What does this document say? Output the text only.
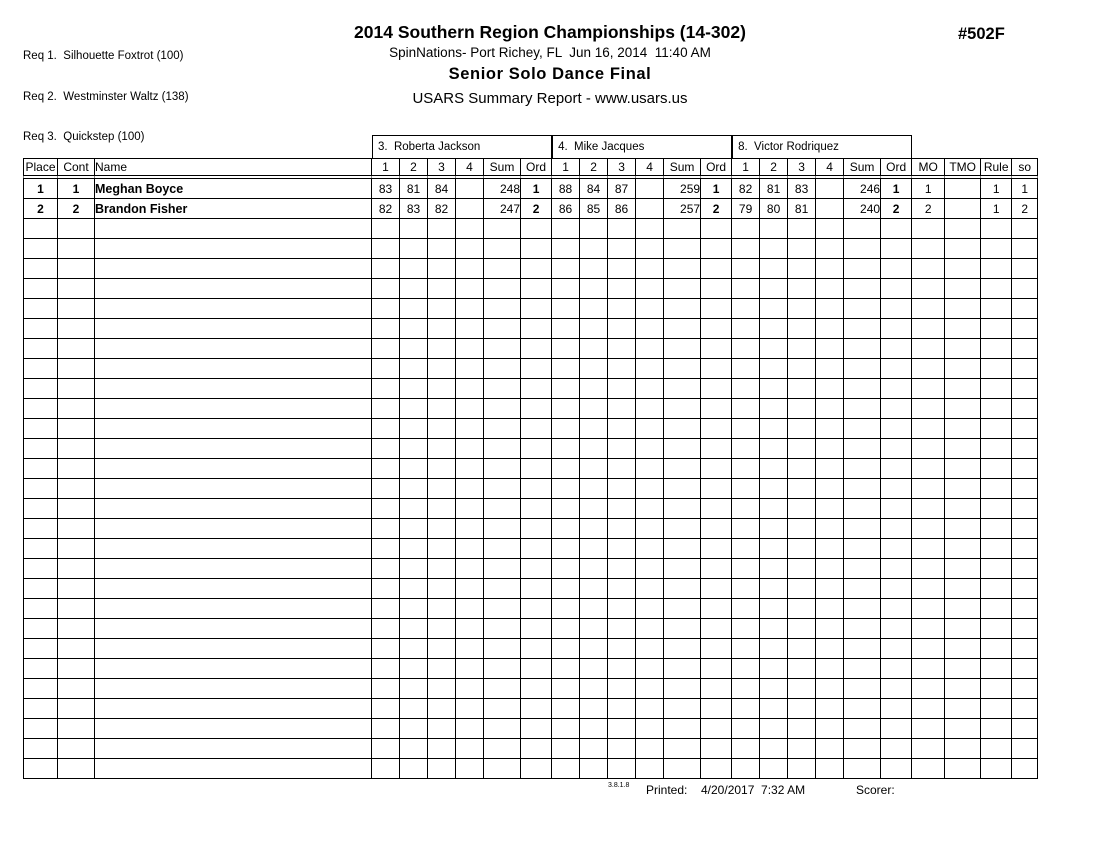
Req 1.  Silhouette Foxtrot (100)

Req 2.  Westminster Waltz (138)

Req 3.  Quickstep (100)

2014 Southern Region Championships (14-302)
SpinNations- Port Richey, FL  Jun 16, 2014  11:40 AM
Senior Solo Dance Final
USARS Summary Report - www.usars.us
#502F
			3.  Roberta Jackson						4.  Mike Jacques						8.  Victor Rodriquez									
Place	Cont	Name	1	2	3	4	Sum	Ord	1	2	3	4	Sum	Ord	1	2	3	4	Sum	Ord	MO	TMO	Rule	so
1	1	Meghan Boyce	83	81	84		248	1	88	84	87		259	1	82	81	83		246	1	1		1	1
2	2	Brandon Fisher	82	83	82		247	2	86	85	86		257	2	79	80	81		240	2	2		1	2

3.8.1.8 Printed: 4/20/2017  7:32 AM	Scorer:
